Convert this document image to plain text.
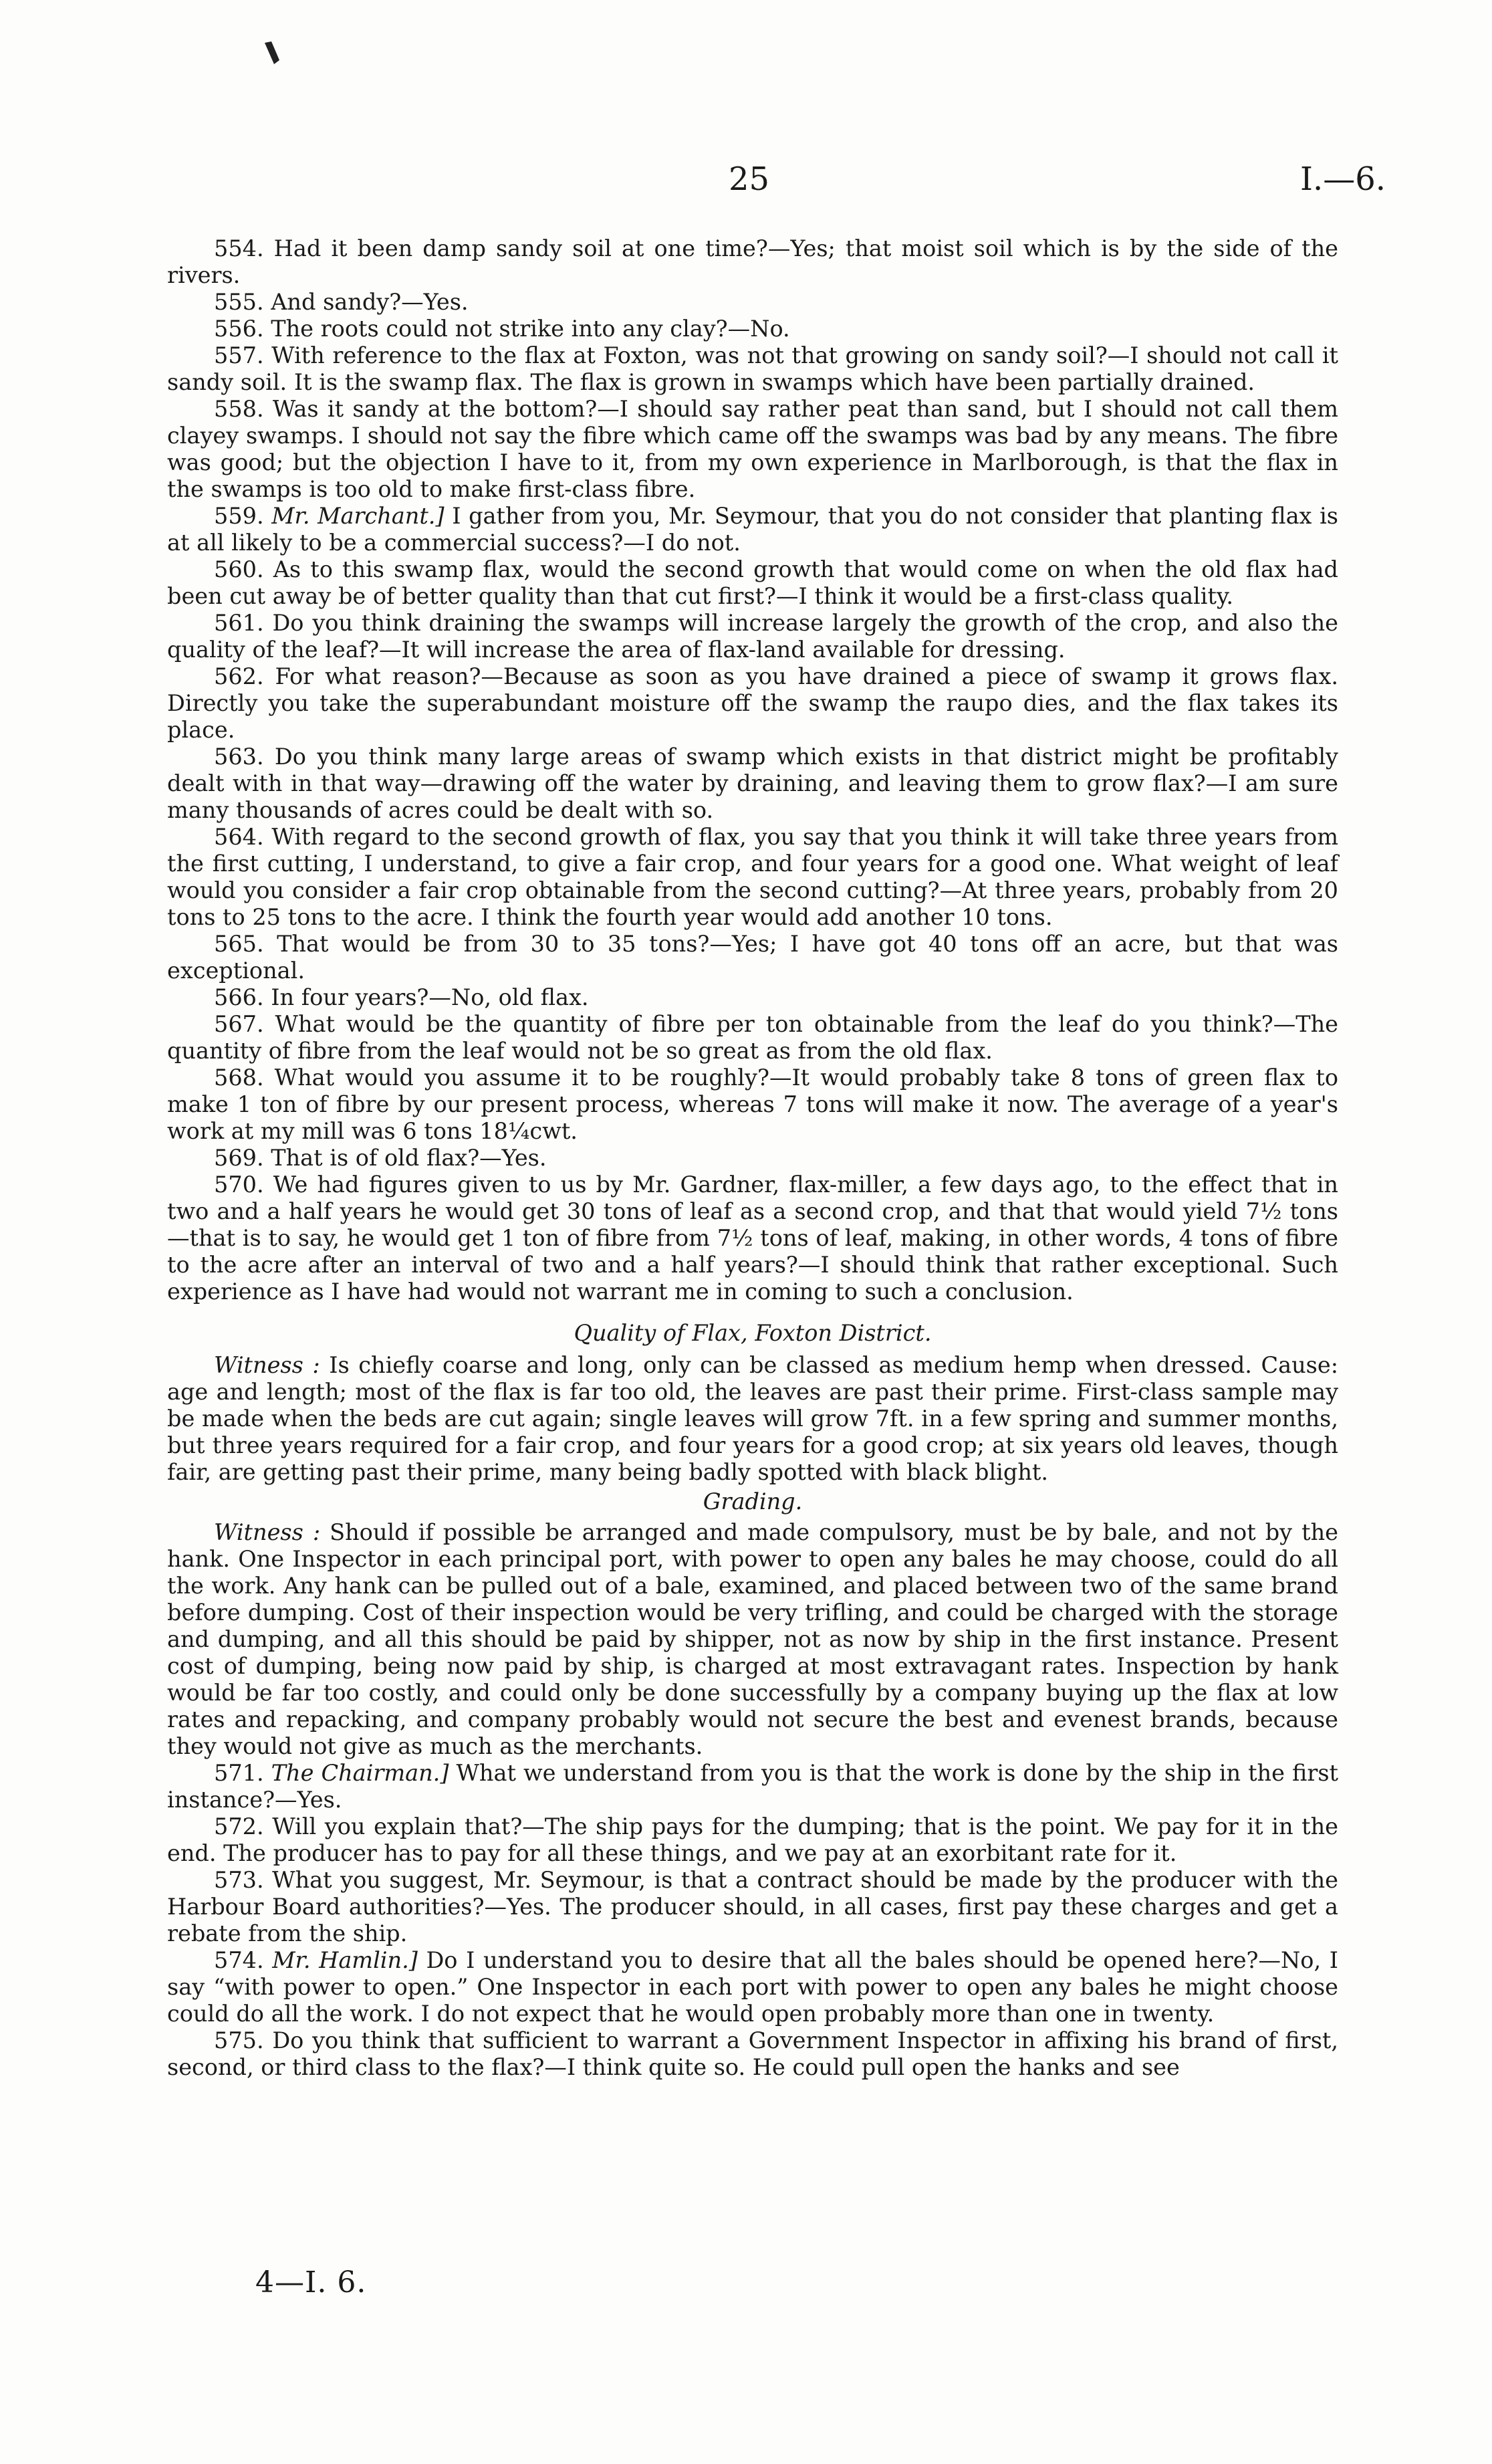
25	I.—6.

554. Had it been damp sandy soil at one time?—Yes; that moist soil which is by the side of the rivers.

555. And sandy?—Yes.

556. The roots could not strike into any clay?—No.

557. With reference to the flax at Foxton, was not that growing on sandy soil?—I should not call it sandy soil. It is the swamp flax. The flax is grown in swamps which have been partially drained.

558. Was it sandy at the bottom?—I should say rather peat than sand, but I should not call them clayey swamps. I should not say the fibre which came off the swamps was bad by any means. The fibre was good; but the objection I have to it, from my own experience in Marlborough, is that the flax in the swamps is too old to make first-class fibre.

559. Mr. Marchant.] I gather from you, Mr. Seymour, that you do not consider that planting flax is at all likely to be a commercial success?—I do not.

560. As to this swamp flax, would the second growth that would come on when the old flax had been cut away be of better quality than that cut first?—I think it would be a first-class quality.

561. Do you think draining the swamps will increase largely the growth of the crop, and also the quality of the leaf?—It will increase the area of flax-land available for dressing.

562. For what reason?—Because as soon as you have drained a piece of swamp it grows flax. Directly you take the superabundant moisture off the swamp the raupo dies, and the flax takes its place.

563. Do you think many large areas of swamp which exists in that district might be profitably dealt with in that way—drawing off the water by draining, and leaving them to grow flax?—I am sure many thousands of acres could be dealt with so.

564. With regard to the second growth of flax, you say that you think it will take three years from the first cutting, I understand, to give a fair crop, and four years for a good one. What weight of leaf would you consider a fair crop obtainable from the second cutting?—At three years, probably from 20 tons to 25 tons to the acre. I think the fourth year would add another 10 tons.

565. That would be from 30 to 35 tons?—Yes; I have got 40 tons off an acre, but that was exceptional.

566. In four years?—No, old flax.

567. What would be the quantity of fibre per ton obtainable from the leaf do you think?—The quantity of fibre from the leaf would not be so great as from the old flax.

568. What would you assume it to be roughly?—It would probably take 8 tons of green flax to make 1 ton of fibre by our present process, whereas 7 tons will make it now. The average of a year's work at my mill was 6 tons 18¼cwt.

569. That is of old flax?—Yes.

570. We had figures given to us by Mr. Gardner, flax-miller, a few days ago, to the effect that in two and a half years he would get 30 tons of leaf as a second crop, and that that would yield 7½ tons—that is to say, he would get 1 ton of fibre from 7½ tons of leaf, making, in other words, 4 tons of fibre to the acre after an interval of two and a half years?—I should think that rather exceptional. Such experience as I have had would not warrant me in coming to such a conclusion.

Quality of Flax, Foxton District.

Witness : Is chiefly coarse and long, only can be classed as medium hemp when dressed. Cause: age and length; most of the flax is far too old, the leaves are past their prime. First-class sample may be made when the beds are cut again; single leaves will grow 7ft. in a few spring and summer months, but three years required for a fair crop, and four years for a good crop; at six years old leaves, though fair, are getting past their prime, many being badly spotted with black blight.

Grading.

Witness : Should if possible be arranged and made compulsory, must be by bale, and not by the hank. One Inspector in each principal port, with power to open any bales he may choose, could do all the work. Any hank can be pulled out of a bale, examined, and placed between two of the same brand before dumping. Cost of their inspection would be very trifling, and could be charged with the storage and dumping, and all this should be paid by shipper, not as now by ship in the first instance. Present cost of dumping, being now paid by ship, is charged at most extravagant rates. Inspection by hank would be far too costly, and could only be done successfully by a company buying up the flax at low rates and repacking, and company probably would not secure the best and evenest brands, because they would not give as much as the merchants.

571. The Chairman.] What we understand from you is that the work is done by the ship in the first instance?—Yes.

572. Will you explain that?—The ship pays for the dumping; that is the point. We pay for it in the end. The producer has to pay for all these things, and we pay at an exorbitant rate for it.

573. What you suggest, Mr. Seymour, is that a contract should be made by the producer with the Harbour Board authorities?—Yes. The producer should, in all cases, first pay these charges and get a rebate from the ship.

574. Mr. Hamlin.] Do I understand you to desire that all the bales should be opened here?—No, I say “with power to open.” One Inspector in each port with power to open any bales he might choose could do all the work. I do not expect that he would open probably more than one in twenty.

575. Do you think that sufficient to warrant a Government Inspector in affixing his brand of first, second, or third class to the flax?—I think quite so. He could pull open the hanks and see

4—I. 6.
